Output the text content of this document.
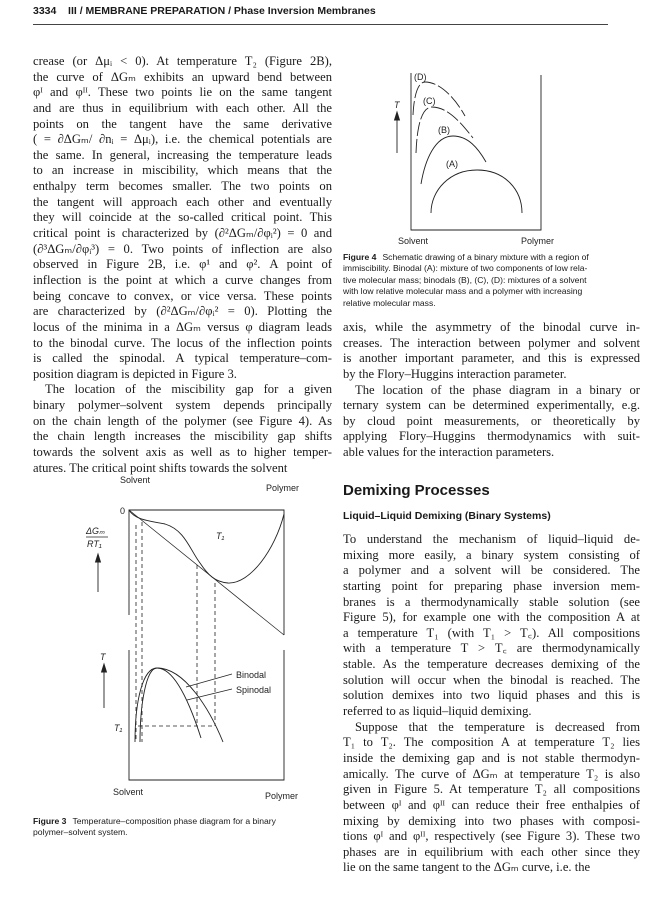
3334 III / MEMBRANE PREPARATION / Phase Inversion Membranes
crease (or Δμᵢ < 0). At temperature T₂ (Figure 2B),
the curve of ΔGₘ exhibits an upward bend between
φᴵ and φᴵᴵ. These two points lie on the same tangent
and are thus in equilibrium with each other. All the
points on the tangent have the same derivative
( = ∂ΔGₘ/ ∂nᵢ = Δμᵢ), i.e. the chemical potentials are
the same. In general, increasing the temperature leads
to an increase in miscibility, which means that the
enthalpy term becomes smaller. The two points on
the tangent will approach each other and eventually
they will coincide at the so-called critical point. This
critical point is characterized by (∂²ΔGₘ/∂φᵢ²) = 0 and
(∂³ΔGₘ/∂φᵢ³) = 0. Two points of inflection are also
observed in Figure 2B, i.e. φ¹ and φ². A point of
inflection is the point at which a curve changes from
being concave to convex, or vice versa. These points
are characterized by (∂²ΔGₘ/∂φᵢ² = 0). Plotting the
locus of the minima in a ΔGₘ versus φ diagram leads
to the binodal curve. The locus of the inflection points
is called the spinodal. A typical temperature–com-
position diagram is depicted in Figure 3.
The location of the miscibility gap for a given
binary polymer–solvent system depends principally
on the chain length of the polymer (see Figure 4). As
the chain length increases the miscibility gap shifts
towards the solvent axis as well as to higher temper-
atures. The critical point shifts towards the solvent
axis, while the asymmetry of the binodal curve in-
creases. The interaction between polymer and solvent
is another important parameter, and this is expressed
by the Flory–Huggins interaction parameter.
The location of the phase diagram in a binary or
ternary system can be determined experimentally, e.g.
by cloud point measurements, or theoretically by
applying Flory–Huggins thermodynamics with suit-
able values for the interaction parameters.
Demixing Processes
Liquid–Liquid Demixing (Binary Systems)
To understand the mechanism of liquid–liquid de-
mixing more easily, a binary system consisting of
a polymer and a solvent will be considered. The
starting point for preparing phase inversion mem-
branes is a thermodynamically stable solution (see
Figure 5), for example one with the composition A at
a temperature T₁ (with T₁ > T꜀). All compositions
with a temperature T > T꜀ are thermodynamically
stable. As the temperature decreases demixing of the
solution will occur when the binodal is reached. The
solution demixes into two liquid phases and this is
referred to as liquid–liquid demixing.
Suppose that the temperature is decreased from
T₁ to T₂. The composition A at temperature T₂ lies
inside the demixing gap and is not stable thermodyn-
amically. The curve of ΔGₘ at temperature T₂ is also
given in Figure 5. At temperature T₂ all compositions
between φᴵ and φᴵᴵ can reduce their free enthalpies of
mixing by demixing into two phases with composi-
tions φᴵ and φᴵᴵ, respectively (see Figure 3). These two
phases are in equilibrium with each other since they
lie on the same tangent to the ΔGₘ curve, i.e. the
Figure 4 Schematic drawing of a binary mixture with a region of
immiscibility. Binodal (A): mixture of two components of low rela-
tive molecular mass; binodals (B), (C), (D): mixtures of a solvent
with low relative molecular mass and a polymer with increasing
relative molecular mass.
Figure 3 Temperature–composition phase diagram for a binary
polymer–solvent system.
T
(D)
(C)
(B)
(A)
Solvent	Polymer
Solvent
Polymer
0
ΔGₘ
RT₁
T₁
T
T₁
Binodal
Spinodal
Solvent	Polymer
